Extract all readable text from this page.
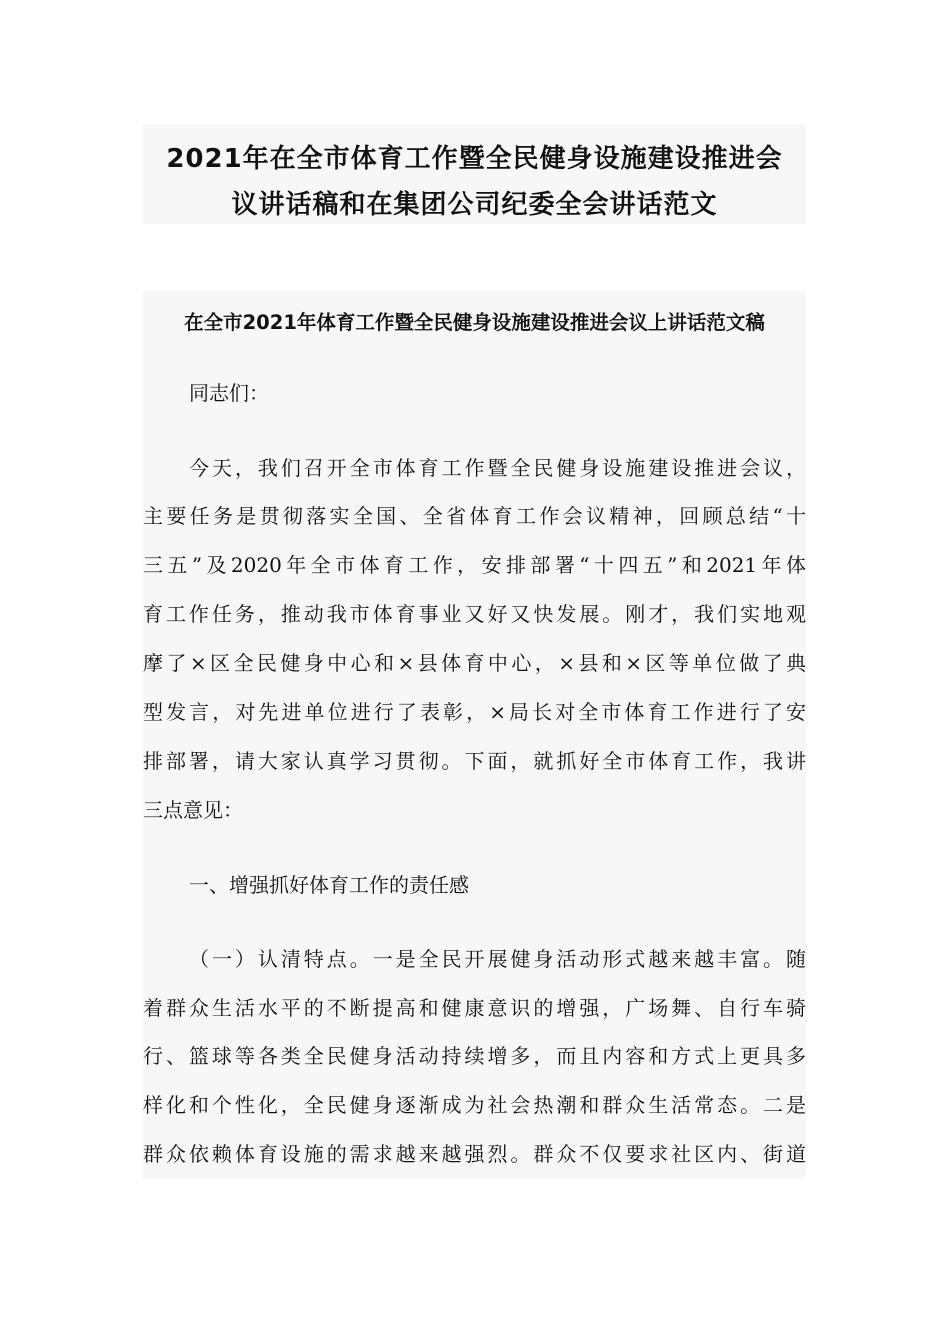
2021年在全市体育工作暨全民健身设施建设推进会
议讲话稿和在集团公司纪委全会讲话范文
在全市2021年体育工作暨全民健身设施建设推进会议上讲话范文稿
同志们：
今天，我们召开全市体育工作暨全民健身设施建设推进会议，
主要任务是贯彻落实全国、全省体育工作会议精神，回顾总结“十
三五”及2020年全市体育工作，安排部署“十四五”和2021年体
育工作任务，推动我市体育事业又好又快发展。刚才，我们实地观
摩了×区全民健身中心和×县体育中心，×县和×区等单位做了典
型发言，对先进单位进行了表彰，×局长对全市体育工作进行了安
排部署，请大家认真学习贯彻。下面，就抓好全市体育工作，我讲
三点意见：
一、增强抓好体育工作的责任感
（一）认清特点。一是全民开展健身活动形式越来越丰富。随
着群众生活水平的不断提高和健康意识的增强，广场舞、自行车骑
行、篮球等各类全民健身活动持续增多，而且内容和方式上更具多
样化和个性化，全民健身逐渐成为社会热潮和群众生活常态。二是
群众依赖体育设施的需求越来越强烈。群众不仅要求社区内、街道
